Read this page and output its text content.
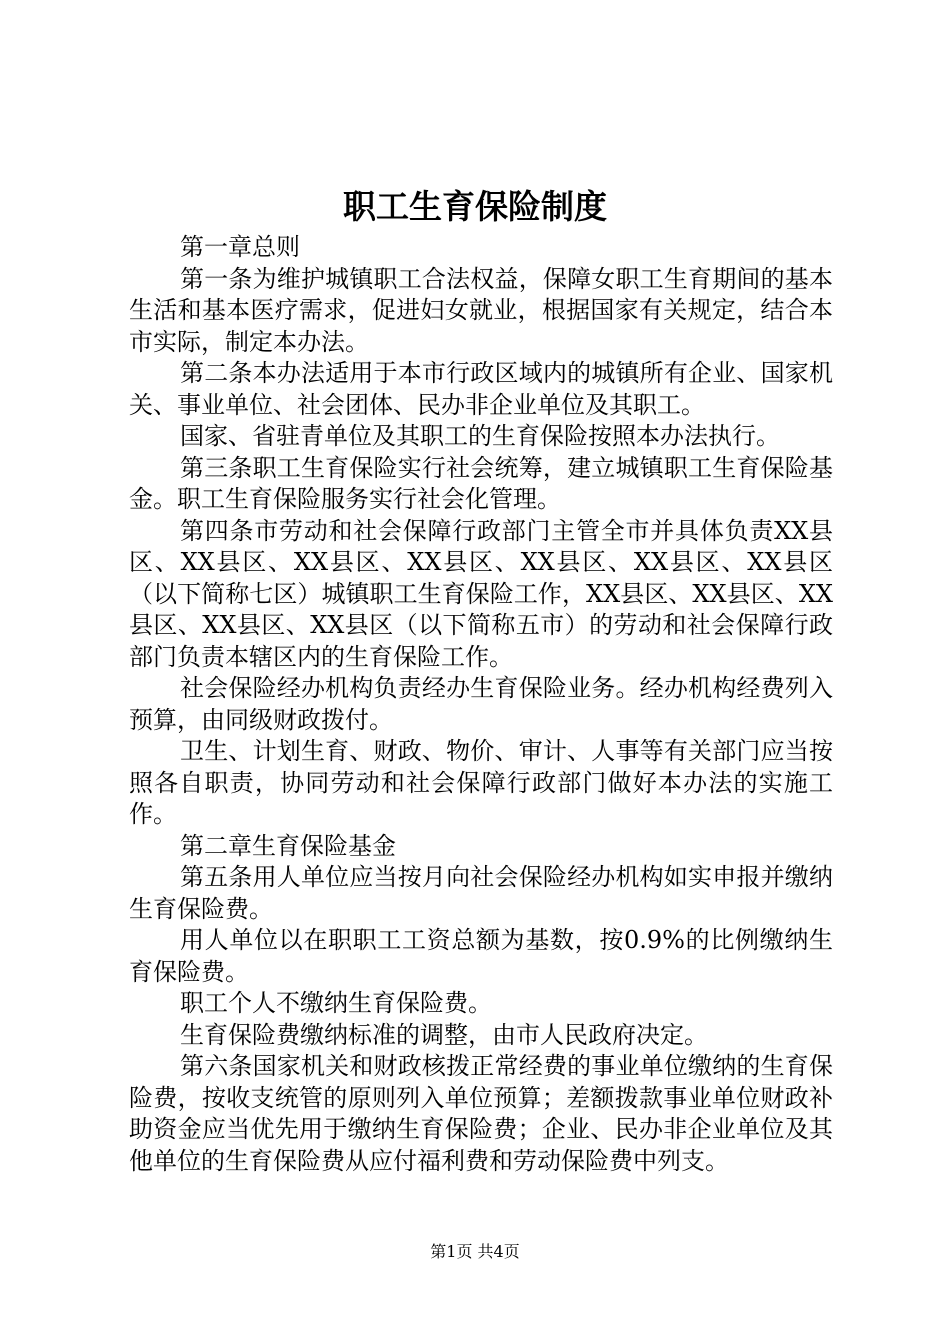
职工生育保险制度

第一章总则

第一条为维护城镇职工合法权益，保障女职工生育期间的基本生活和基本医疗需求，促进妇女就业，根据国家有关规定，结合本市实际，制定本办法。

第二条本办法适用于本市行政区域内的城镇所有企业、国家机关、事业单位、社会团体、民办非企业单位及其职工。

国家、省驻青单位及其职工的生育保险按照本办法执行。

第三条职工生育保险实行社会统筹，建立城镇职工生育保险基金。职工生育保险服务实行社会化管理。

第四条市劳动和社会保障行政部门主管全市并具体负责XX县区、XX县区、XX县区、XX县区、XX县区、XX县区、XX县区（以下简称七区）城镇职工生育保险工作，XX县区、XX县区、XX县区、XX县区、XX县区（以下简称五市）的劳动和社会保障行政部门负责本辖区内的生育保险工作。

社会保险经办机构负责经办生育保险业务。经办机构经费列入预算，由同级财政拨付。

卫生、计划生育、财政、物价、审计、人事等有关部门应当按照各自职责，协同劳动和社会保障行政部门做好本办法的实施工作。

第二章生育保险基金

第五条用人单位应当按月向社会保险经办机构如实申报并缴纳生育保险费。

用人单位以在职职工工资总额为基数，按0.9%的比例缴纳生育保险费。

职工个人不缴纳生育保险费。

生育保险费缴纳标准的调整，由市人民政府决定。

第六条国家机关和财政核拨正常经费的事业单位缴纳的生育保险费，按收支统管的原则列入单位预算；差额拨款事业单位财政补助资金应当优先用于缴纳生育保险费；企业、民办非企业单位及其他单位的生育保险费从应付福利费和劳动保险费中列支。

第1页 共4页
